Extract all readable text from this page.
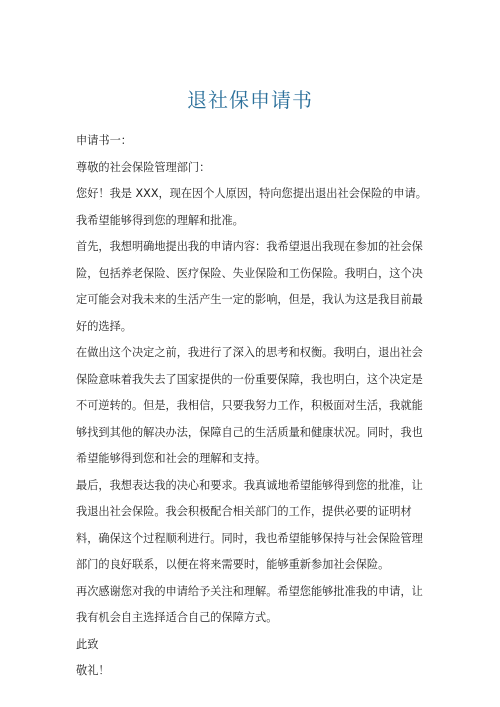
退社保申请书

申请书一：

尊敬的社会保险管理部门：

您好！我是 XXX，现在因个人原因，特向您提出退出社会保险的申请。我希望能够得到您的理解和批准。

首先，我想明确地提出我的申请内容：我希望退出我现在参加的社会保险，包括养老保险、医疗保险、失业保险和工伤保险。我明白，这个决定可能会对我未来的生活产生一定的影响，但是，我认为这是我目前最好的选择。

在做出这个决定之前，我进行了深入的思考和权衡。我明白，退出社会保险意味着我失去了国家提供的一份重要保障，我也明白，这个决定是不可逆转的。但是，我相信，只要我努力工作，积极面对生活，我就能够找到其他的解决办法，保障自己的生活质量和健康状况。同时，我也希望能够得到您和社会的理解和支持。

最后，我想表达我的决心和要求。我真诚地希望能够得到您的批准，让我退出社会保险。我会积极配合相关部门的工作，提供必要的证明材料，确保这个过程顺利进行。同时，我也希望能够保持与社会保险管理部门的良好联系，以便在将来需要时，能够重新参加社会保险。

再次感谢您对我的申请给予关注和理解。希望您能够批准我的申请，让我有机会自主选择适合自己的保障方式。

此致

敬礼！
